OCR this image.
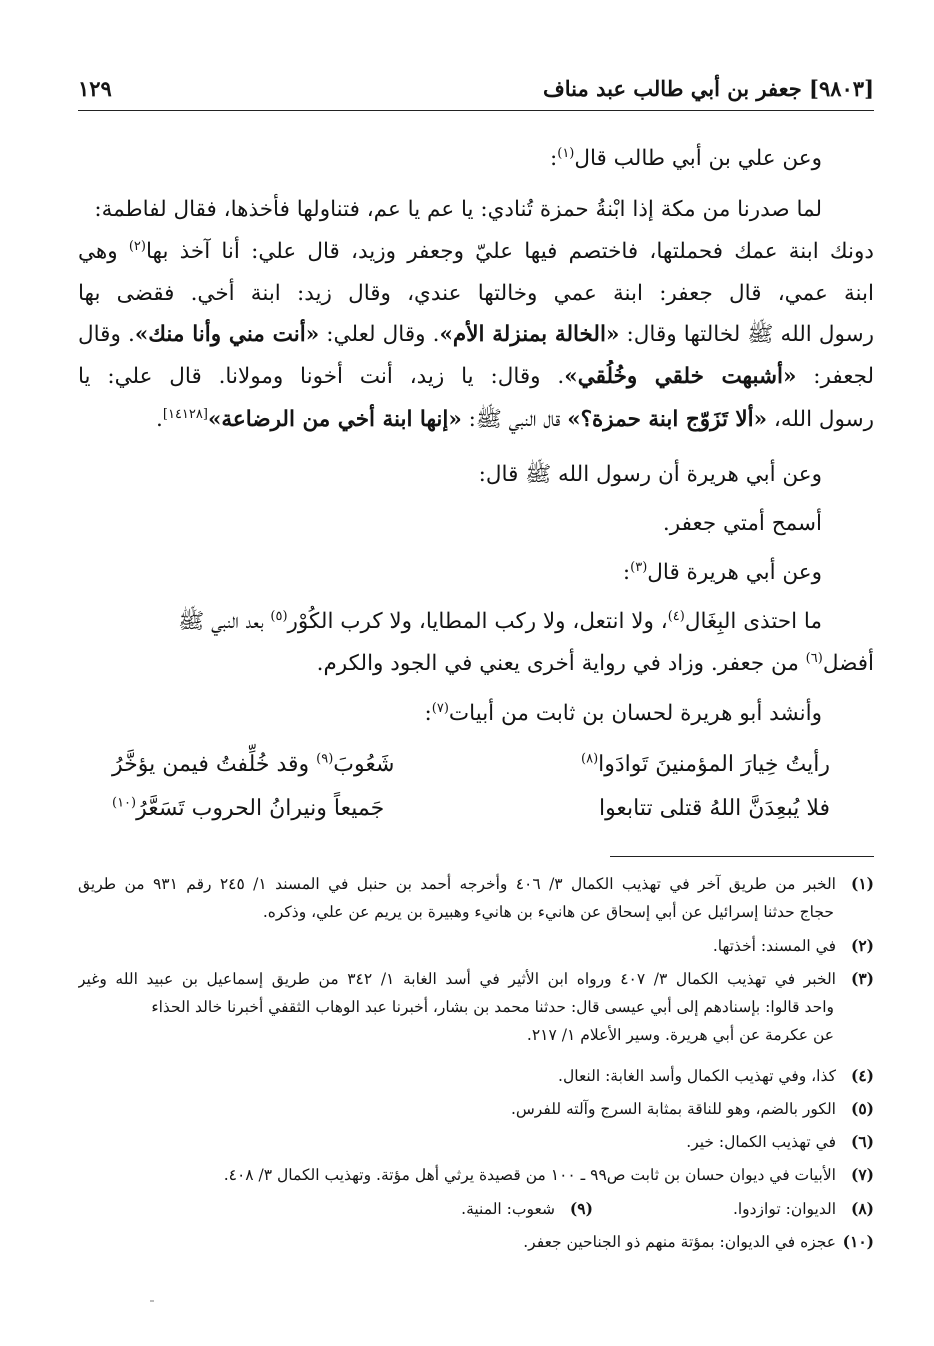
[٩٨٠٣] جعفر بن أبي طالب عبد مناف
١٢٩
وعن علي بن أبي طالب قال$^{(١)}$:
لما صدرنا من مكة إذا ابْنةُ حمزة تُنادي: يا عم يا عم، فتناولها فأخذها، فقال لفاطمة:
دونك ابنة عمك فحملتها، فاختصم فيها عليّ وجعفر وزيد، قال علي: أنا آخذ بها$^{(٢)}$ وهي
ابنة عمي، قال جعفر: ابنة عمي وخالتها عندي، وقال زيد: ابنة أخي. فقضى بها
رسول الله ﷺ لخالتها وقال: «الخالة بمنزلة الأم». وقال لعلي: «أنت مني وأنا منك». وقال
لجعفر: «أشبهت خلقي وخُلُقي». وقال: يا زيد، أنت أخونا ومولانا. قال علي: يا
رسول الله، «ألا تَزَوّج ابنة حمزة؟» قال النبي ﷺ: «إنها ابنة أخي من الرضاعة»[١٤١٢٨].
وعن أبي هريرة أن رسول الله ﷺ قال:
أسمح أمتي جعفر.
وعن أبي هريرة قال$^{(٣)}$:
ما احتذى البِغَال$^{(٤)}$، ولا انتعل، ولا ركب المطايا، ولا كرب الكُوْر$^{(٥)}$ بعد النبي ﷺ
أفضل$^{(٦)}$ من جعفر. وزاد في رواية أخرى يعني في الجود والكرم.
وأنشد أبو هريرة لحسان بن ثابت من أبيات$^{(٧)}$:
رأيتُ خِيارَ المؤمنينَ تَوادَوا$^{(٨)}$
شَعُوبَ$^{(٩)}$ وقد خُلِّفتُ فيمن يؤخَّرُ
فلا يُبعِدَنَّ اللهُ قتلى تتابعوا
جَميعاً ونيرانُ الحروب تَسَعَّرُ$^{(١٠)}$
(١)الخبر من طريق آخر في تهذيب الكمال ٣/ ٤٠٦ وأخرجه أحمد بن حنبل في المسند ١/ ٢٤٥ رقم ٩٣١ من طريق
حجاج حدثنا إسرائيل عن أبي إسحاق عن هانيء بن هانيء وهبيرة بن يريم عن علي، وذكره.
(٢)في المسند: أخذتها.
(٣)الخبر في تهذيب الكمال ٣/ ٤٠٧ ورواه ابن الأثير في أسد الغابة ١/ ٣٤٢ من طريق إسماعيل بن عبيد الله وغير
واحد قالوا: بإسنادهم إلى أبي عيسى قال: حدثنا محمد بن بشار، أخبرنا عبد الوهاب الثقفي أخبرنا خالد الحذاء
عن عكرمة عن أبي هريرة. وسير الأعلام ١/ ٢١٧.
(٤)كذا، وفي تهذيب الكمال وأسد الغابة: النعال.
(٥)الكور بالضم، وهو للناقة بمثابة السرج وآلته للفرس.
(٦)في تهذيب الكمال: خير.
(٧)الأبيات في ديوان حسان بن ثابت ص٩٩ ـ ١٠٠ من قصيدة يرثي أهل مؤتة. وتهذيب الكمال ٣/ ٤٠٨.
(٨)الديوان: توازدوا.(٩)شعوب: المنية.
(١٠)عجزه في الديوان: بمؤتة منهم ذو الجناحين جعفر.
